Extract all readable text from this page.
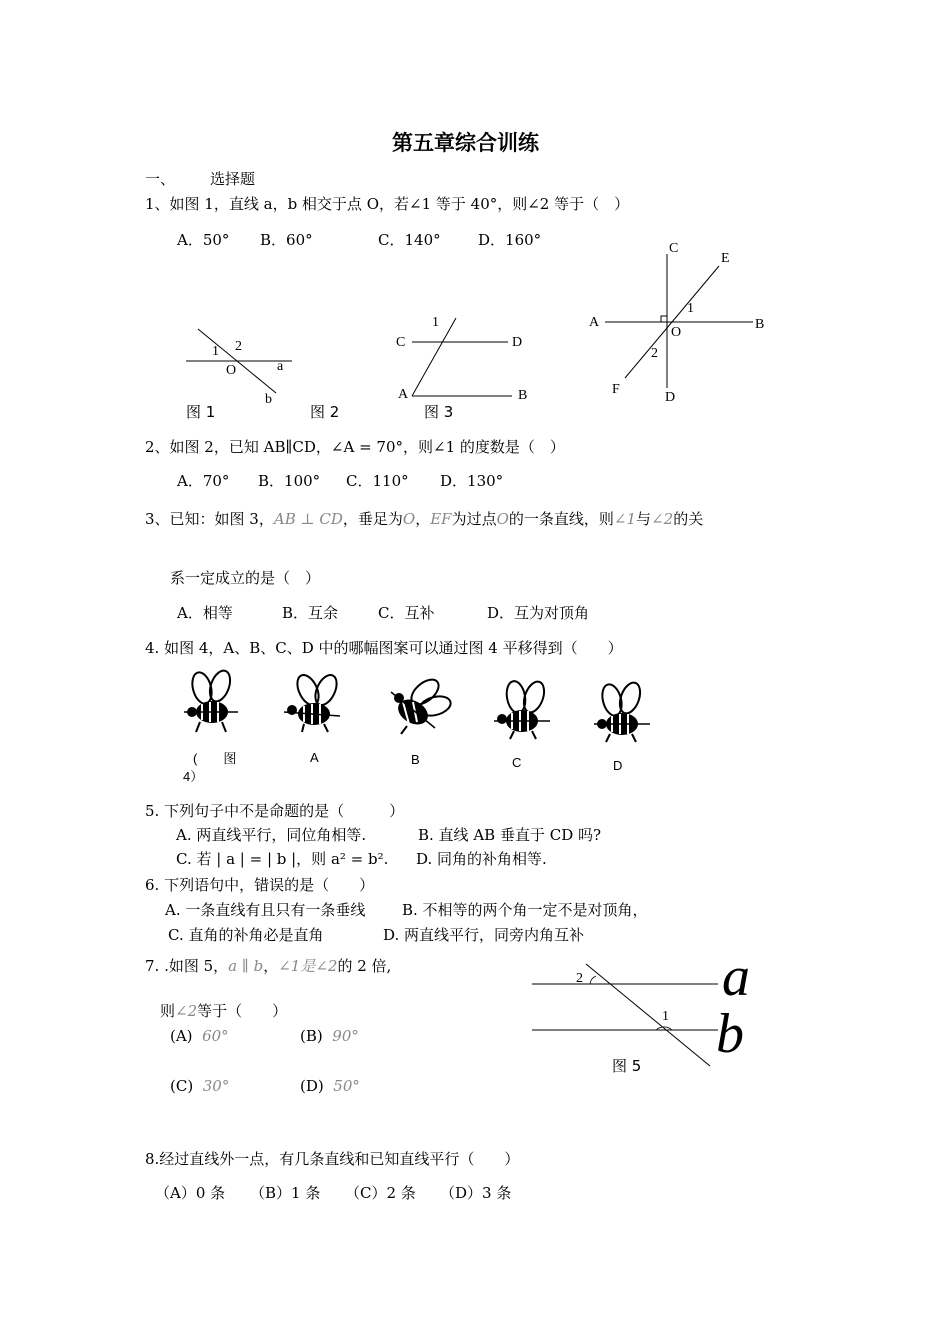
第五章综合训练
一、 选择题
1、如图 1，直线 a，b 相交于点 O，若∠1 等于 40°，则∠2 等于（　）
A．50° B．60°	C．140° D．160°
1 2
O	a
b
图 1	图 2
1
C	D
A	B
图 3
C
E
A	B
O
1
2
F
D
2、如图 2，已知 AB∥CD，∠A = 70°，则∠1 的度数是（　）
A．70° B．100° C．110° D．130°
3、已知：如图 3，AB ⊥ CD，垂足为O，EF为过点O的一条直线，则∠1与∠2的关
系一定成立的是（　）
A．相等	B．互余	C．互补	D．互为对顶角
4. 如图 4，A、B、C、D 中的哪幅图案可以通过图 4 平移得到（　　）
(　　图
4）
A	B	C	D
5. 下列句子中不是命题的是（　　　）
A. 两直线平行，同位角相等.	B. 直线 AB 垂直于 CD 吗?
C. 若 | a | = | b |，则 a² = b². D. 同角的补角相等.
6. 下列语句中，错误的是（　　）
A. 一条直线有且只有一条垂线 B. 不相等的两个角一定不是对顶角，
C. 直角的补角必是直角	D. 两直线平行，同旁内角互补
7. .如图 5，a ∥ b，∠1是∠2的 2 倍,
则∠2等于（　　）
(A) 60°	(B) 90°
(C) 30°	(D) 50°
2
1
a
b
图 5
8.经过直线外一点，有几条直线和已知直线平行（　　）
（A）0 条 （B）1 条 （C）2 条 （D）3 条
